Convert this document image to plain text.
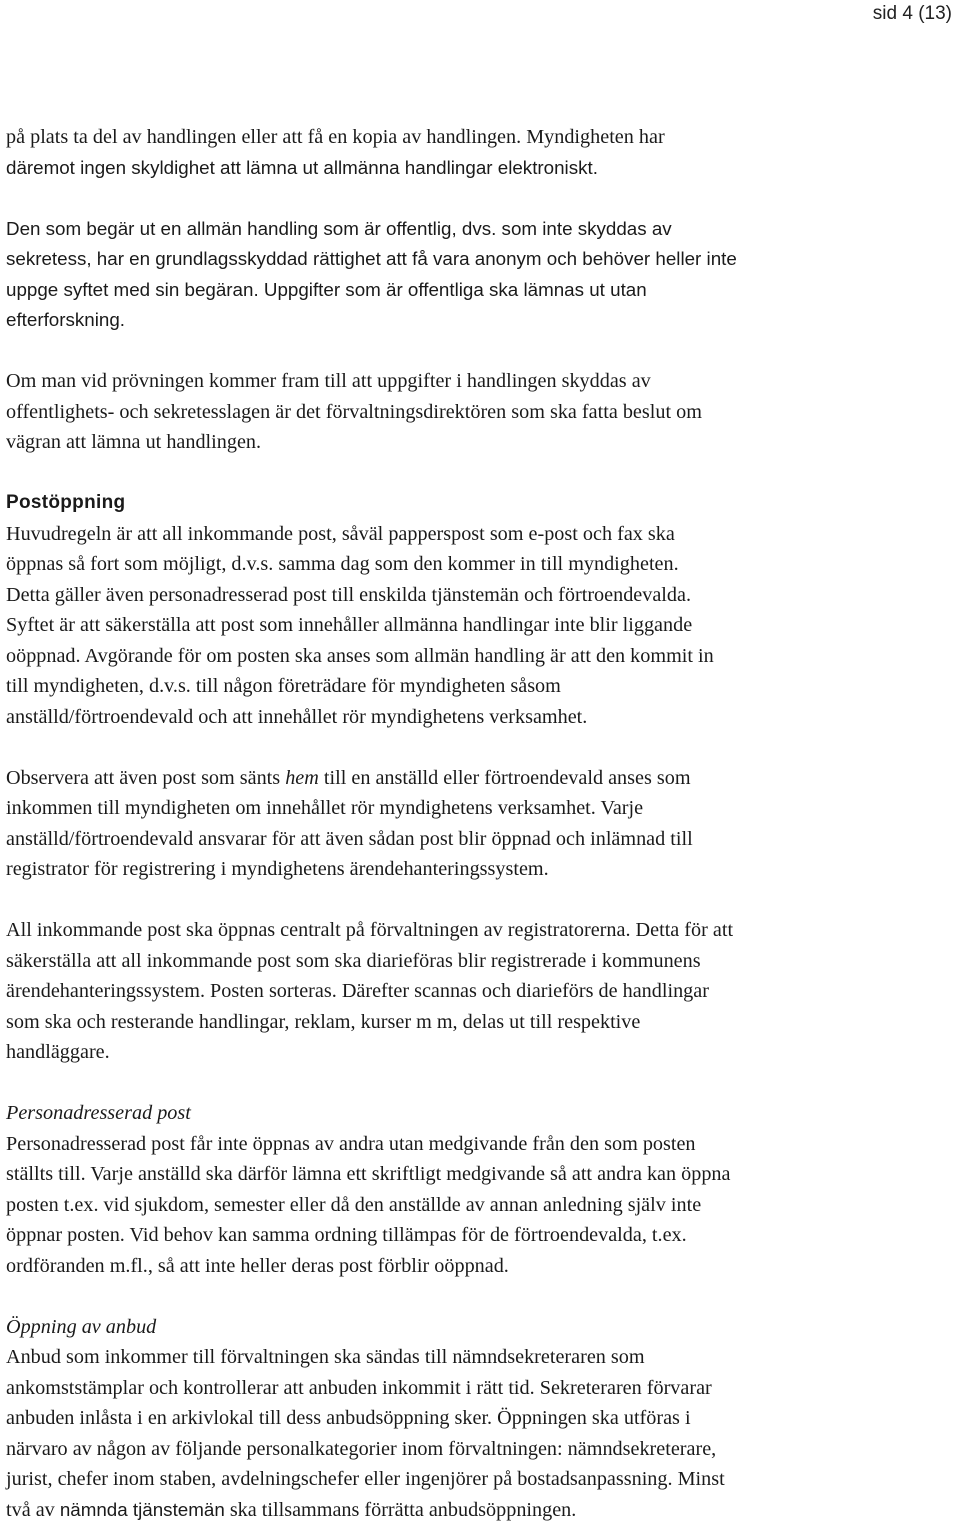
sid 4 (13)
på plats ta del av handlingen eller att få en kopia av handlingen. Myndigheten har
däremot ingen skyldighet att lämna ut allmänna handlingar elektroniskt.
Den som begär ut en allmän handling som är offentlig, dvs. som inte skyddas av
sekretess, har en grundlagsskyddad rättighet att få vara anonym och behöver heller inte
uppge syftet med sin begäran. Uppgifter som är offentliga ska lämnas ut utan
efterforskning.
Om man vid prövningen kommer fram till att uppgifter i handlingen skyddas av
offentlighets- och sekretesslagen är det förvaltningsdirektören som ska fatta beslut om
vägran att lämna ut handlingen.
Postöppning
Huvudregeln är att all inkommande post, såväl papperspost som e-post och fax ska
öppnas så fort som möjligt, d.v.s. samma dag som den kommer in till myndigheten.
Detta gäller även personadresserad post till enskilda tjänstemän och förtroendevalda.
Syftet är att säkerställa att post som innehåller allmänna handlingar inte blir liggande
oöppnad. Avgörande för om posten ska anses som allmän handling är att den kommit in
till myndigheten, d.v.s. till någon företrädare för myndigheten såsom
anställd/förtroendevald och att innehållet rör myndighetens verksamhet.
Observera att även post som sänts hem till en anställd eller förtroendevald anses som
inkommen till myndigheten om innehållet rör myndighetens verksamhet. Varje
anställd/förtroendevald ansvarar för att även sådan post blir öppnad och inlämnad till
registrator för registrering i myndighetens ärendehanteringssystem.
All inkommande post ska öppnas centralt på förvaltningen av registratorerna. Detta för att
säkerställa att all inkommande post som ska diarieföras blir registrerade i kommunens
ärendehanteringssystem. Posten sorteras. Därefter scannas och diarieförs de handlingar
som ska och resterande handlingar, reklam, kurser m m, delas ut till respektive
handläggare.
Personadresserad post
Personadresserad post får inte öppnas av andra utan medgivande från den som posten
ställts till. Varje anställd ska därför lämna ett skriftligt medgivande så att andra kan öppna
posten t.ex. vid sjukdom, semester eller då den anställde av annan anledning själv inte
öppnar posten. Vid behov kan samma ordning tillämpas för de förtroendevalda, t.ex.
ordföranden m.fl., så att inte heller deras post förblir oöppnad.
Öppning av anbud
Anbud som inkommer till förvaltningen ska sändas till nämndsekreteraren som
ankomststämplar och kontrollerar att anbuden inkommit i rätt tid. Sekreteraren förvarar
anbuden inlåsta i en arkivlokal till dess anbudsöppning sker. Öppningen ska utföras i
närvaro av någon av följande personalkategorier inom förvaltningen: nämndsekreterare,
jurist, chefer inom staben, avdelningschefer eller ingenjörer på bostadsanpassning. Minst
två av nämnda tjänstemän ska tillsammans förrätta anbudsöppningen.
